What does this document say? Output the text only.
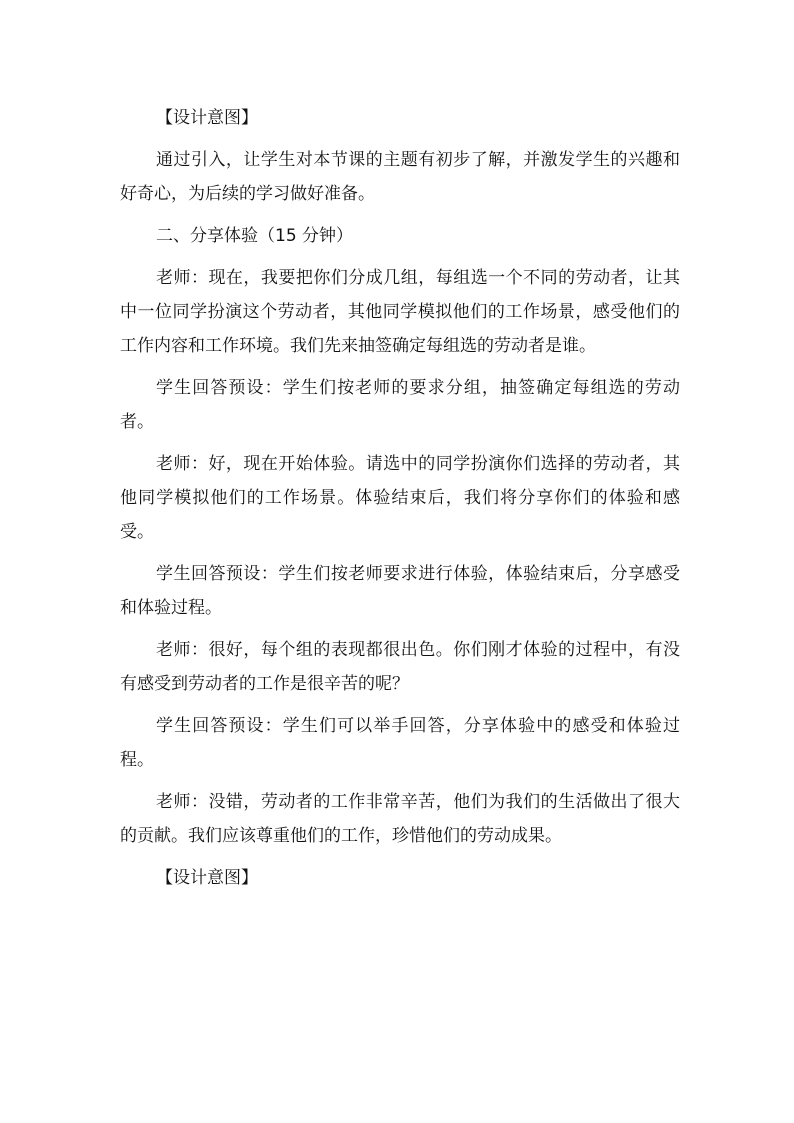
【设计意图】

通过引入，让学生对本节课的主题有初步了解，并激发学生的兴趣和好奇心，为后续的学习做好准备。

二、分享体验（15 分钟）

老师：现在，我要把你们分成几组，每组选一个不同的劳动者，让其中一位同学扮演这个劳动者，其他同学模拟他们的工作场景，感受他们的工作内容和工作环境。我们先来抽签确定每组选的劳动者是谁。

学生回答预设：学生们按老师的要求分组，抽签确定每组选的劳动者。

老师：好，现在开始体验。请选中的同学扮演你们选择的劳动者，其他同学模拟他们的工作场景。体验结束后，我们将分享你们的体验和感受。

学生回答预设：学生们按老师要求进行体验，体验结束后，分享感受和体验过程。

老师：很好，每个组的表现都很出色。你们刚才体验的过程中，有没有感受到劳动者的工作是很辛苦的呢？

学生回答预设：学生们可以举手回答，分享体验中的感受和体验过程。

老师：没错，劳动者的工作非常辛苦，他们为我们的生活做出了很大的贡献。我们应该尊重他们的工作，珍惜他们的劳动成果。

【设计意图】
